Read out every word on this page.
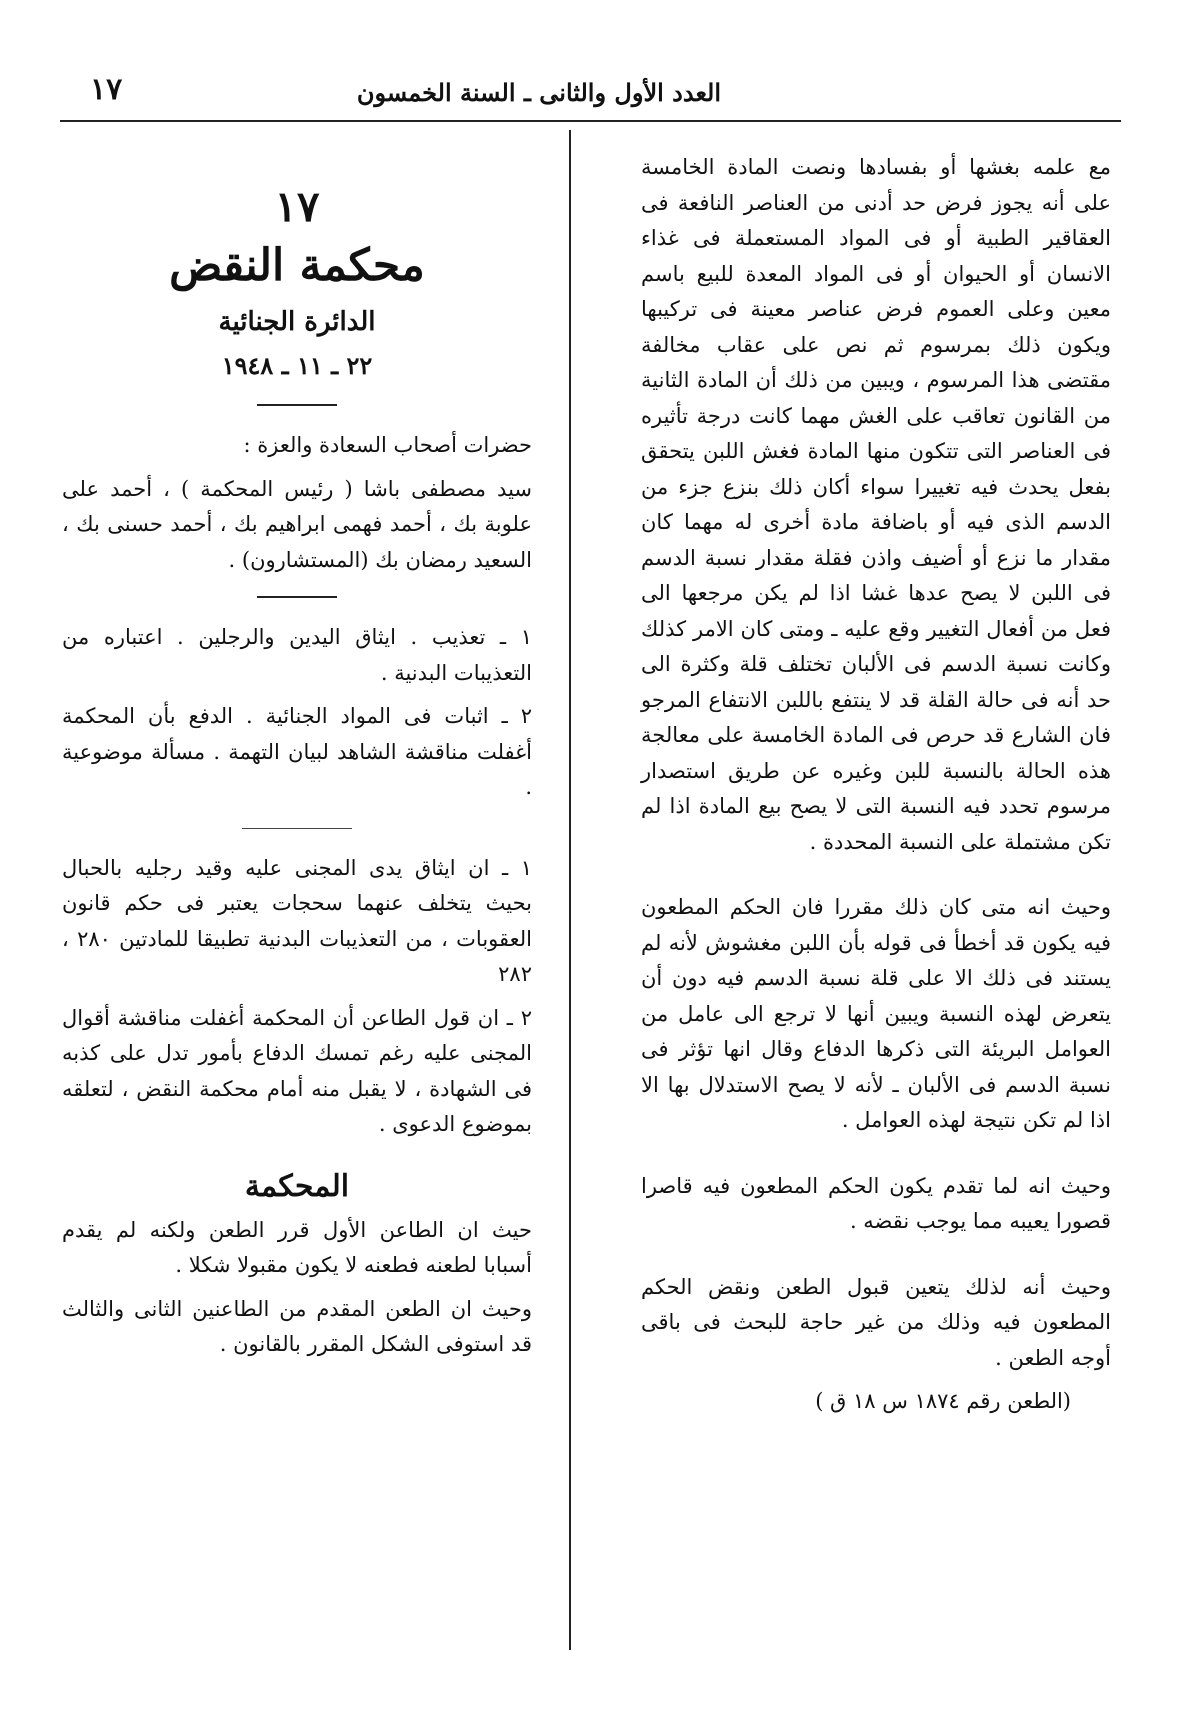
العدد الأول والثانى ـ السنة الخمسون
١٧

مع علمه بغشها أو بفسادها ونصت المادة الخامسة على أنه يجوز فرض حد أدنى من العناصر النافعة فى العقاقير الطبية أو فى المواد المستعملة فى غذاء الانسان أو الحيوان أو فى المواد المعدة للبيع باسم معين وعلى العموم فرض عناصر معينة فى تركيبها ويكون ذلك بمرسوم ثم نص على عقاب مخالفة مقتضى هذا المرسوم ، ويبين من ذلك أن المادة الثانية من القانون تعاقب على الغش مهما كانت درجة تأثيره فى العناصر التى تتكون منها المادة فغش اللبن يتحقق بفعل يحدث فيه تغييرا سواء أكان ذلك بنزع جزء من الدسم الذى فيه أو باضافة مادة أخرى له مهما كان مقدار ما نزع أو أضيف واذن فقلة مقدار نسبة الدسم فى اللبن لا يصح عدها غشا اذا لم يكن مرجعها الى فعل من أفعال التغيير وقع عليه ـ ومتى كان الامر كذلك وكانت نسبة الدسم فى الألبان تختلف قلة وكثرة الى حد أنه فى حالة القلة قد لا ينتفع باللبن الانتفاع المرجو فان الشارع قد حرص فى المادة الخامسة على معالجة هذه الحالة بالنسبة للبن وغيره عن طريق استصدار مرسوم تحدد فيه النسبة التى لا يصح بيع المادة اذا لم تكن مشتملة على النسبة المحددة .

وحيث انه متى كان ذلك مقررا فان الحكم المطعون فيه يكون قد أخطأ فى قوله بأن اللبن مغشوش لأنه لم يستند فى ذلك الا على قلة نسبة الدسم فيه دون أن يتعرض لهذه النسبة ويبين أنها لا ترجع الى عامل من العوامل البريئة التى ذكرها الدفاع وقال انها تؤثر فى نسبة الدسم فى الألبان ـ لأنه لا يصح الاستدلال بها الا اذا لم تكن نتيجة لهذه العوامل .

وحيث انه لما تقدم يكون الحكم المطعون فيه قاصرا قصورا يعيبه مما يوجب نقضه .

وحيث أنه لذلك يتعين قبول الطعن ونقض الحكم المطعون فيه وذلك من غير حاجة للبحث فى باقى أوجه الطعن .

(الطعن رقم ١٨٧٤ س ١٨ ق )

١٧
محكمة النقض
الدائرة الجنائية
٢٢ ـ ١١ ـ ١٩٤٨

حضرات أصحاب السعادة والعزة :

سيد مصطفى باشا ( رئيس المحكمة ) ، أحمد على علوبة بك ، أحمد فهمى ابراهيم بك ، أحمد حسنى بك ، السعيد رمضان بك (المستشارون) .

١ ـ تعذيب . ايثاق اليدين والرجلين . اعتباره من التعذيبات البدنية .

٢ ـ اثبات فى المواد الجنائية . الدفع بأن المحكمة أغفلت مناقشة الشاهد لبيان التهمة . مسألة موضوعية .

١ ـ ان ايثاق يدى المجنى عليه وقيد رجليه بالحبال بحيث يتخلف عنهما سحجات يعتبر فى حكم قانون العقوبات ، من التعذيبات البدنية تطبيقا للمادتين ٢٨٠ ، ٢٨٢

٢ ـ ان قول الطاعن أن المحكمة أغفلت مناقشة أقوال المجنى عليه رغم تمسك الدفاع بأمور تدل على كذبه فى الشهادة ، لا يقبل منه أمام محكمة النقض ، لتعلقه بموضوع الدعوى .

المحكمة

حيث ان الطاعن الأول قرر الطعن ولكنه لم يقدم أسبابا لطعنه فطعنه لا يكون مقبولا شكلا .

وحيث ان الطعن المقدم من الطاعنين الثانى والثالث قد استوفى الشكل المقرر بالقانون .
